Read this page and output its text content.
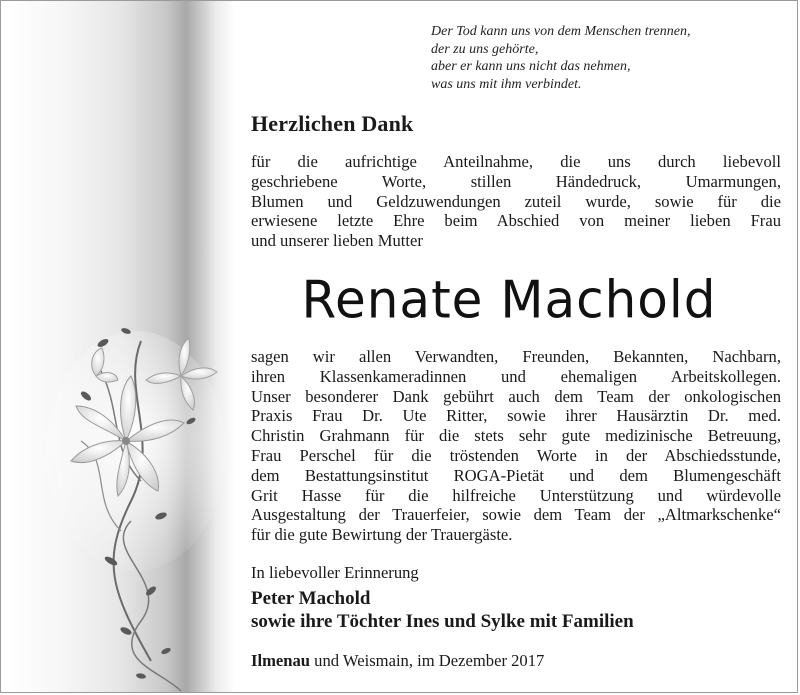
Der Tod kann uns von dem Menschen trennen,
der zu uns gehörte,
aber er kann uns nicht das nehmen,
was uns mit ihm verbindet.
Herzlichen Dank
für die aufrichtige Anteilnahme, die uns durch liebevoll
geschriebene Worte, stillen Händedruck, Umarmungen,
Blumen und Geldzuwendungen zuteil wurde, sowie für die
erwiesene letzte Ehre beim Abschied von meiner lieben Frau
und unserer lieben Mutter
Renate Machold
sagen wir allen Verwandten, Freunden, Bekannten, Nachbarn,
ihren Klassenkameradinnen und ehemaligen Arbeitskollegen.
Unser besonderer Dank gebührt auch dem Team der onkologischen
Praxis Frau Dr. Ute Ritter, sowie ihrer Hausärztin Dr. med.
Christin Grahmann für die stets sehr gute medizinische Betreuung,
Frau Perschel für die tröstenden Worte in der Abschiedsstunde,
dem Bestattungsinstitut ROGA-Pietät und dem Blumengeschäft
Grit Hasse für die hilfreiche Unterstützung und würdevolle
Ausgestaltung der Trauerfeier, sowie dem Team der „Altmarkschenke“
für die gute Bewirtung der Trauergäste.
In liebevoller Erinnerung
Peter Machold
sowie ihre Töchter Ines und Sylke mit Familien
Ilmenau und Weismain, im Dezember 2017
